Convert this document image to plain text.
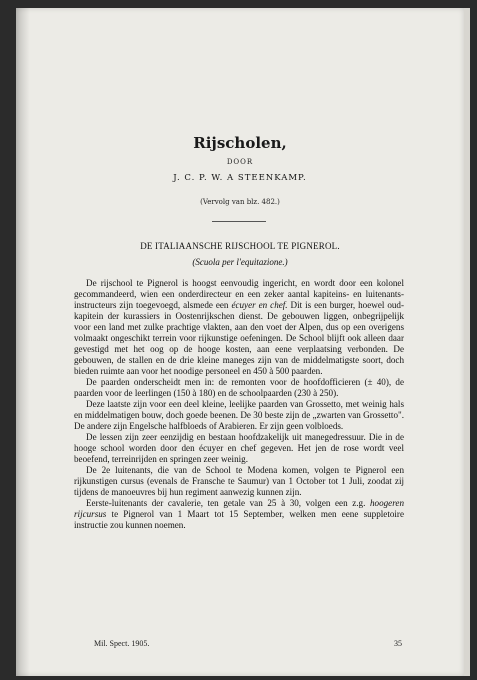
Rijscholen,
DOOR
J. C. P. W. A STEENKAMP.
(Vervolg van blz. 482.)
DE ITALIAANSCHE RIJSCHOOL TE PIGNEROL.
(Scuola per l'equitazione.)

De rijschool te Pignerol is hoogst eenvoudig ingericht, en wordt door een kolonel gecommandeerd, wien een onderdirecteur en een zeker aantal kapiteins- en luitenants-instructeurs zijn toegevoegd, alsmede een écuyer en chef. Dit is een burger, hoewel oud-kapitein der kurassiers in Oostenrijkschen dienst. De gebouwen liggen, onbegrijpelijk voor een land met zulke prachtige vlakten, aan den voet der Alpen, dus op een overigens volmaakt ongeschikt terrein voor rijkunstige oefeningen. De School blijft ook alleen daar gevestigd met het oog op de hooge kosten, aan eene verplaatsing verbonden. De gebouwen, de stallen en de drie kleine maneges zijn van de middelmatigste soort, doch bieden ruimte aan voor het noodige personeel en 450 à 500 paarden.

De paarden onderscheidt men in: de remonten voor de hoofdofficieren (± 40), de paarden voor de leerlingen (150 à 180) en de schoolpaarden (230 à 250).

Deze laatste zijn voor een deel kleine, leelijke paarden van Grossetto, met weinig hals en middelmatigen bouw, doch goede beenen. De 30 beste zijn de „zwarten van Grossetto". De andere zijn Engelsche halfbloeds of Arabieren. Er zijn geen volbloeds.

De lessen zijn zeer eenzijdig en bestaan hoofdzakelijk uit manegedressuur. Die in de hooge school worden door den écuyer en chef gegeven. Het jen de rose wordt veel beoefend, terreinrijden en springen zeer weinig.

De 2e luitenants, die van de School te Modena komen, volgen te Pignerol een rijkunstigen cursus (evenals de Fransche te Saumur) van 1 October tot 1 Juli, zoodat zij tijdens de manoeuvres bij hun regiment aanwezig kunnen zijn.

Eerste-luitenants der cavalerie, ten getale van 25 à 30, volgen een z.g. hoogeren rijcursus te Pignerol van 1 Maart tot 15 September, welken men eene suppletoire instructie zou kunnen noemen.

Mil. Spect. 1905.	35
